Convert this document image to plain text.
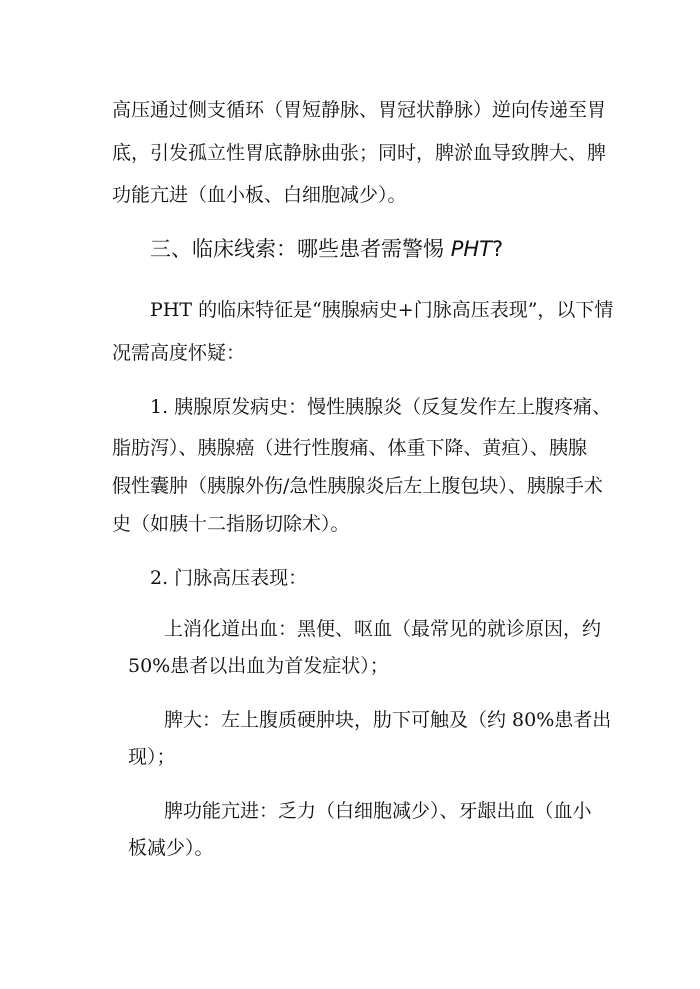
高压通过侧支循环（胃短静脉、胃冠状静脉）逆向传递至胃
底，引发孤立性胃底静脉曲张；同时，脾淤血导致脾大、脾
功能亢进（血小板、白细胞减少）。
三、临床线索：哪些患者需警惕 PHT?
PHT 的临床特征是“胰腺病史+门脉高压表现”，以下情
况需高度怀疑：
1. 胰腺原发病史：慢性胰腺炎（反复发作左上腹疼痛、
脂肪泻）、胰腺癌（进行性腹痛、体重下降、黄疸）、胰腺
假性囊肿（胰腺外伤/急性胰腺炎后左上腹包块）、胰腺手术
史（如胰十二指肠切除术）。
2. 门脉高压表现：
上消化道出血：黑便、呕血（最常见的就诊原因，约
50%患者以出血为首发症状）；
脾大：左上腹质硬肿块，肋下可触及（约 80%患者出
现）；
脾功能亢进：乏力（白细胞减少）、牙龈出血（血小
板减少）。
